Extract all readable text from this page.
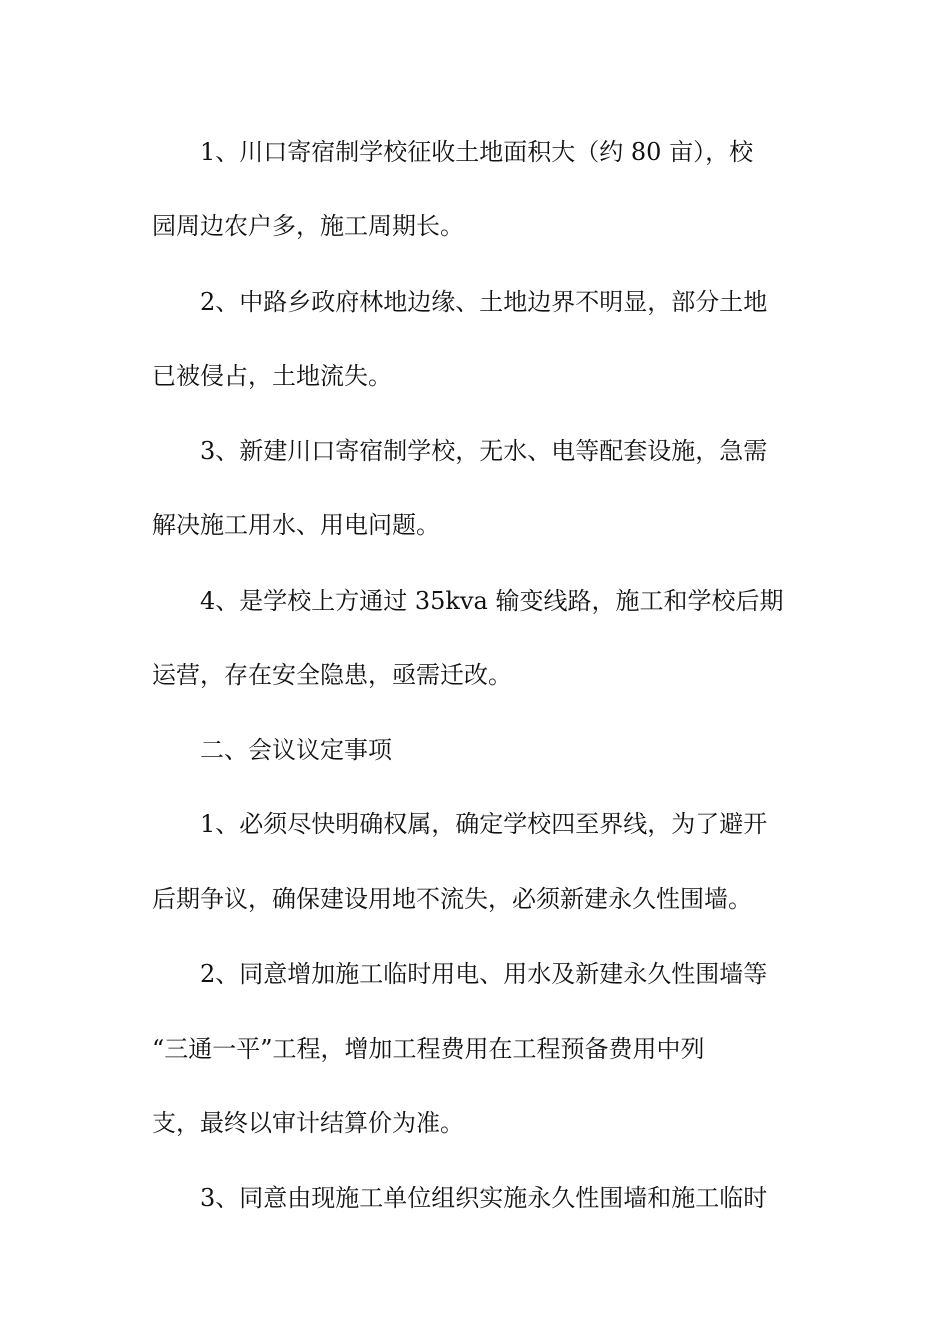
1、川口寄宿制学校征收土地面积大（约 80 亩），校
园周边农户多，施工周期长。
2、中路乡政府林地边缘、土地边界不明显，部分土地
已被侵占，土地流失。
3、新建川口寄宿制学校，无水、电等配套设施，急需
解决施工用水、用电问题。
4、是学校上方通过 35kva 输变线路，施工和学校后期
运营，存在安全隐患，亟需迁改。
二、会议议定事项
1、必须尽快明确权属，确定学校四至界线，为了避开
后期争议，确保建设用地不流失，必须新建永久性围墙。
2、同意增加施工临时用电、用水及新建永久性围墙等
“三通一平”工程，增加工程费用在工程预备费用中列
支，最终以审计结算价为准。
3、同意由现施工单位组织实施永久性围墙和施工临时
